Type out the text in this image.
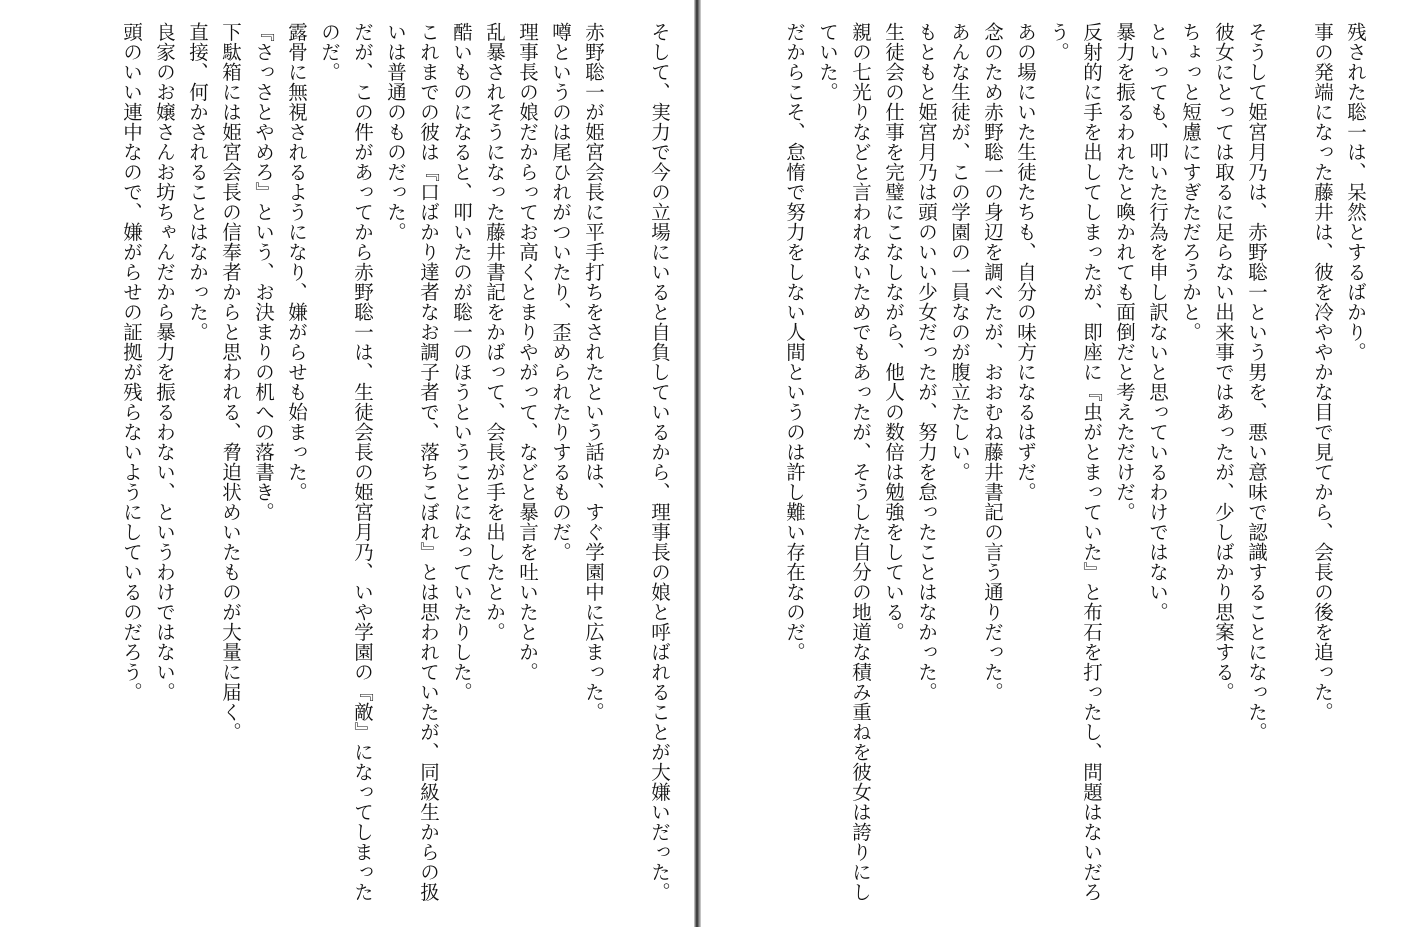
そして、実力で今の立場にいると自負しているから、理事長の娘と呼ばれることが大嫌いだった。
赤野聡一が姫宮会長に平手打ちをされたという話は、すぐ学園中に広まった。
噂というのは尾ひれがついたり、歪められたりするものだ。
理事長の娘だからってお高くとまりやがって、などと暴言を吐いたとか。
乱暴されそうになった藤井書記をかばって、会長が手を出したとか。
酷いものになると、叩いたのが聡一のほうということになっていたりした。
これまでの彼は『口ばかり達者なお調子者で、落ちこぼれ』とは思われていたが、同級生からの扱いは普通のものだった。
だが、この件があってから赤野聡一は、生徒会長の姫宮月乃、いや学園の『敵』になってしまったのだ。
露骨に無視されるようになり、嫌がらせも始まった。
『さっさとやめろ』という、お決まりの机への落書き。
下駄箱には姫宮会長の信奉者からと思われる、脅迫状めいたものが大量に届く。
直接、何かされることはなかった。
良家のお嬢さんお坊ちゃんだから暴力を振るわない、というわけではない。
頭のいい連中なので、嫌がらせの証拠が残らないようにしているのだろう。	残された聡一は、呆然とするばかり。
事の発端になった藤井は、彼を冷ややかな目で見てから、会長の後を追った。
そうして姫宮月乃は、赤野聡一という男を、悪い意味で認識することになった。
彼女にとっては取るに足らない出来事ではあったが、少しばかり思案する。
ちょっと短慮にすぎただろうかと。
といっても、叩いた行為を申し訳ないと思っているわけではない。
暴力を振るわれたと喚かれても面倒だと考えただけだ。
反射的に手を出してしまったが、即座に『虫がとまっていた』と布石を打ったし、問題はないだろう。
あの場にいた生徒たちも、自分の味方になるはずだ。
念のため赤野聡一の身辺を調べたが、おおむね藤井書記の言う通りだった。
あんな生徒が、この学園の一員なのが腹立たしい。
もともと姫宮月乃は頭のいい少女だったが、努力を怠ったことはなかった。
生徒会の仕事を完璧にこなしながら、他人の数倍は勉強をしている。
親の七光りなどと言われないためでもあったが、そうした自分の地道な積み重ねを彼女は誇りにしていた。
だからこそ、怠惰で努力をしない人間というのは許し難い存在なのだ。
